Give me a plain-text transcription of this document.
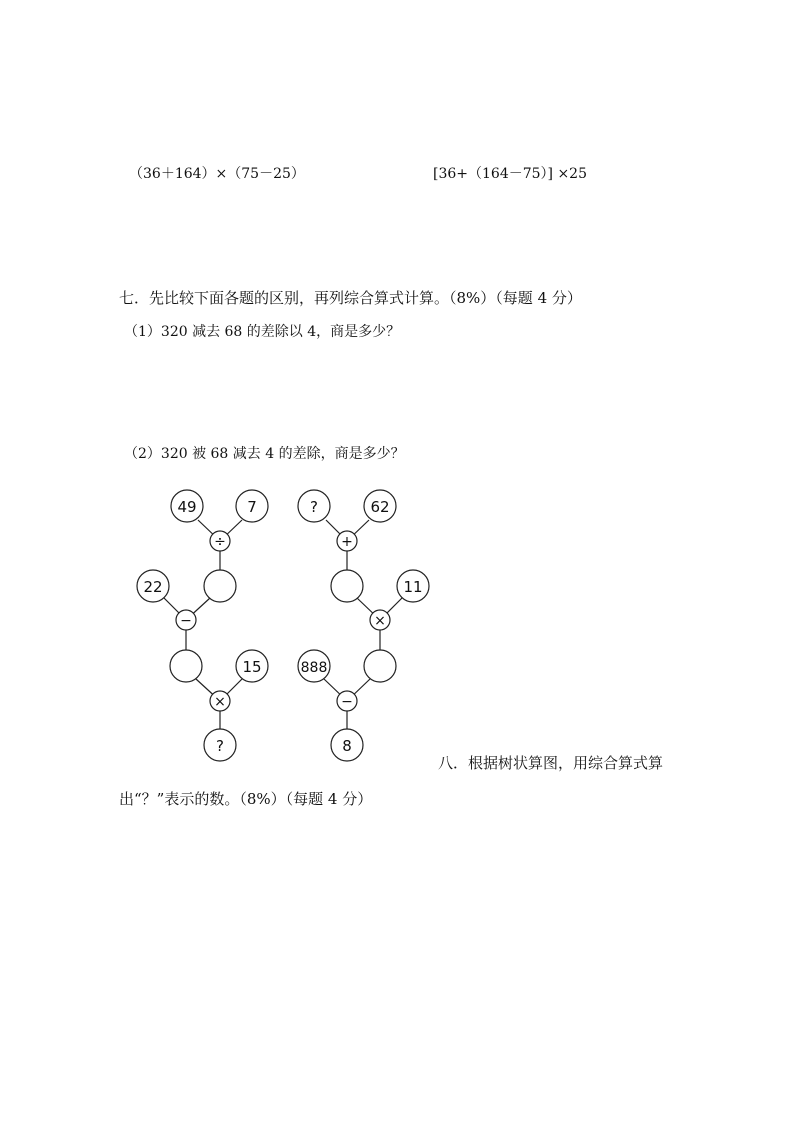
（36＋164）×（75－25）	[36+（164－75）] ×25
七．先比较下面各题的区别，再列综合算式计算。（8%）（每题 4 分）
（1）320 减去 68 的差除以 4，商是多少？
（2）320 被 68 减去 4 的差除，商是多少？
八．根据树状算图，用综合算式算
出“？”表示的数。（8%）（每题 4 分）
49	7
÷
22
−
15
×
?
?	62
+
11
×
888
−
8
